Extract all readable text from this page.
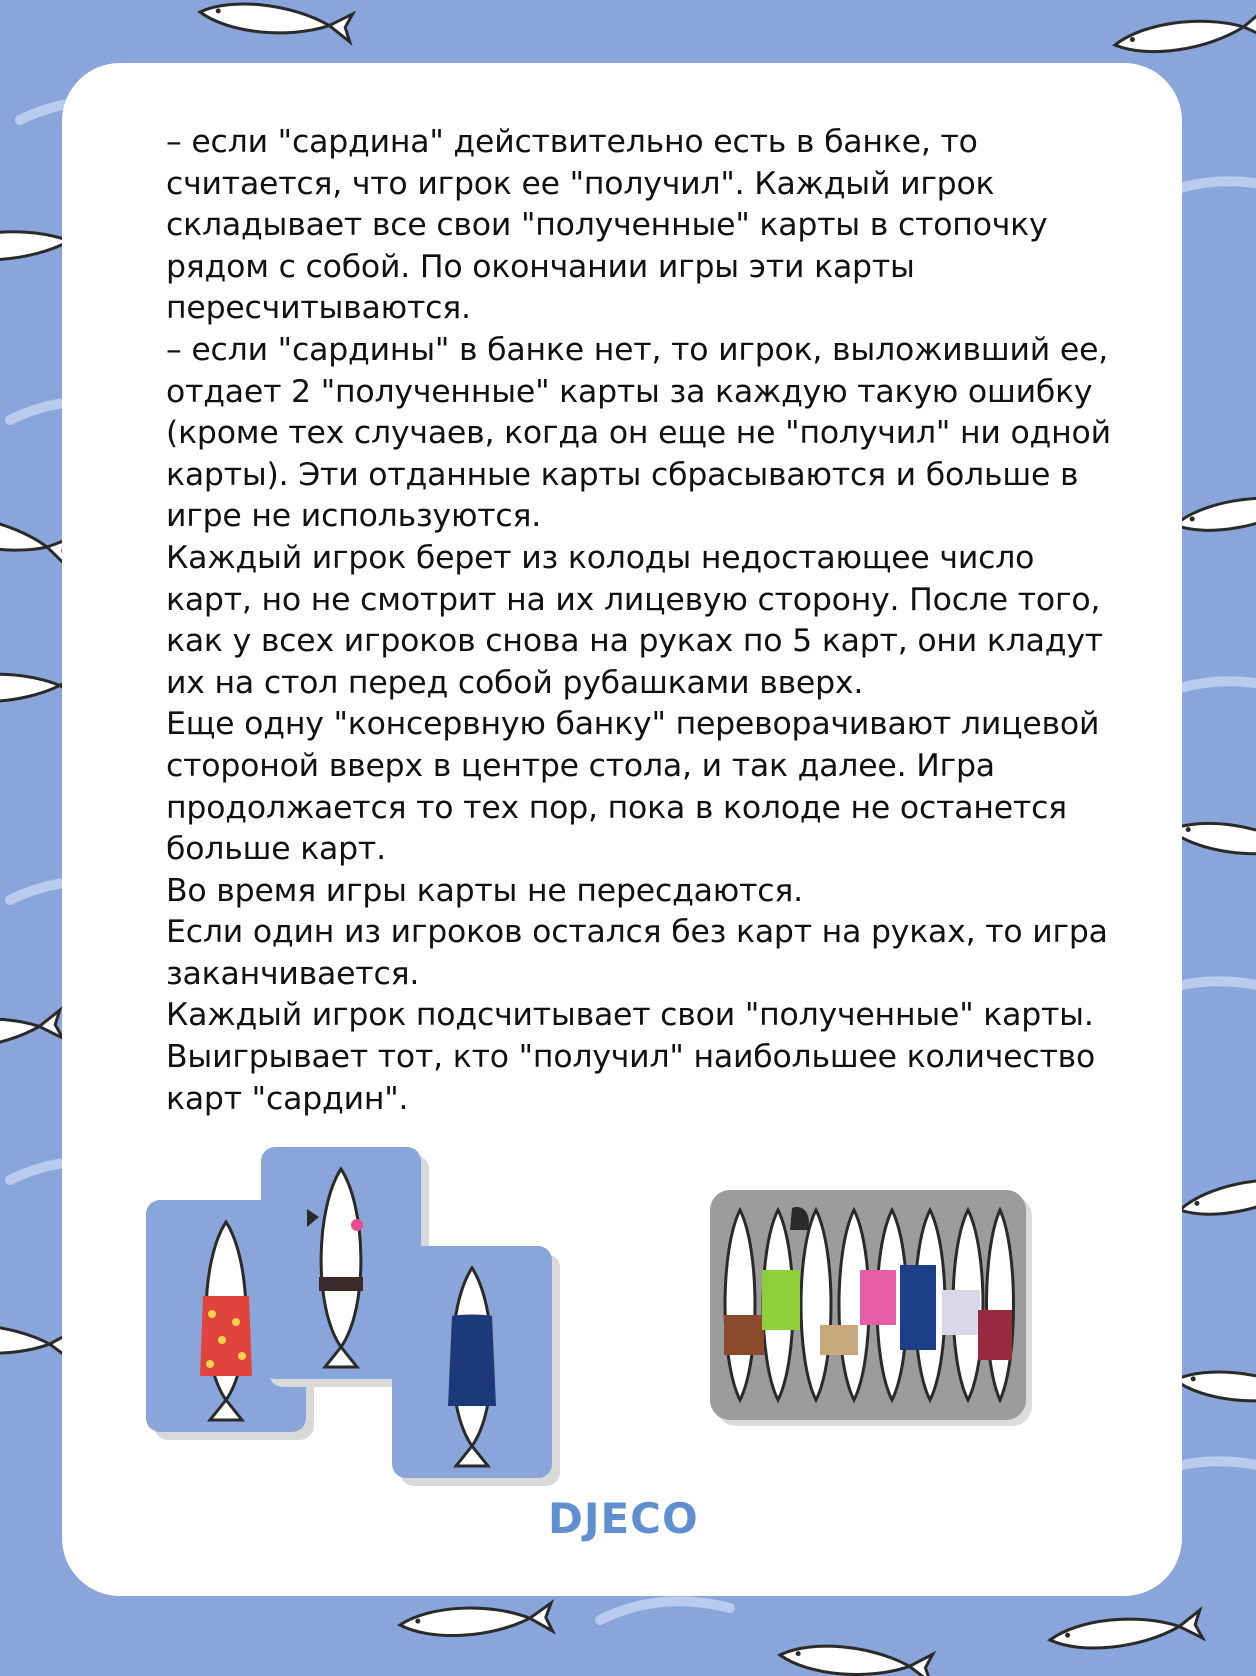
– если "сардина" действительно есть в банке, то

считается, что игрок ее "получил". Каждый игрок

складывает все свои "полученные" карты в стопочку

рядом с собой. По окончании игры эти карты

пересчитываются.

– если "сардины" в банке нет, то игрок, выложивший ее,

отдает 2 "полученные" карты за каждую такую ошибку

(кроме тех случаев, когда он еще не "получил" ни одной

карты). Эти отданные карты сбрасываются и больше в

игре не используются.

Каждый игрок берет из колоды недостающее число

карт, но не смотрит на их лицевую сторону. После того,

как у всех игроков снова на руках по 5 карт, они кладут

их на стол перед собой рубашками вверх.

Еще одну "консервную банку" переворачивают лицевой

стороной вверх в центре стола, и так далее. Игра

продолжается то тех пор, пока в колоде не останется

больше карт.

Во время игры карты не пересдаются.

Если один из игроков остался без карт на руках, то игра

заканчивается.

Каждый игрок подсчитывает свои "полученные" карты.

Выигрывает тот, кто "получил" наибольшее количество

карт "сардин".

DJECO
